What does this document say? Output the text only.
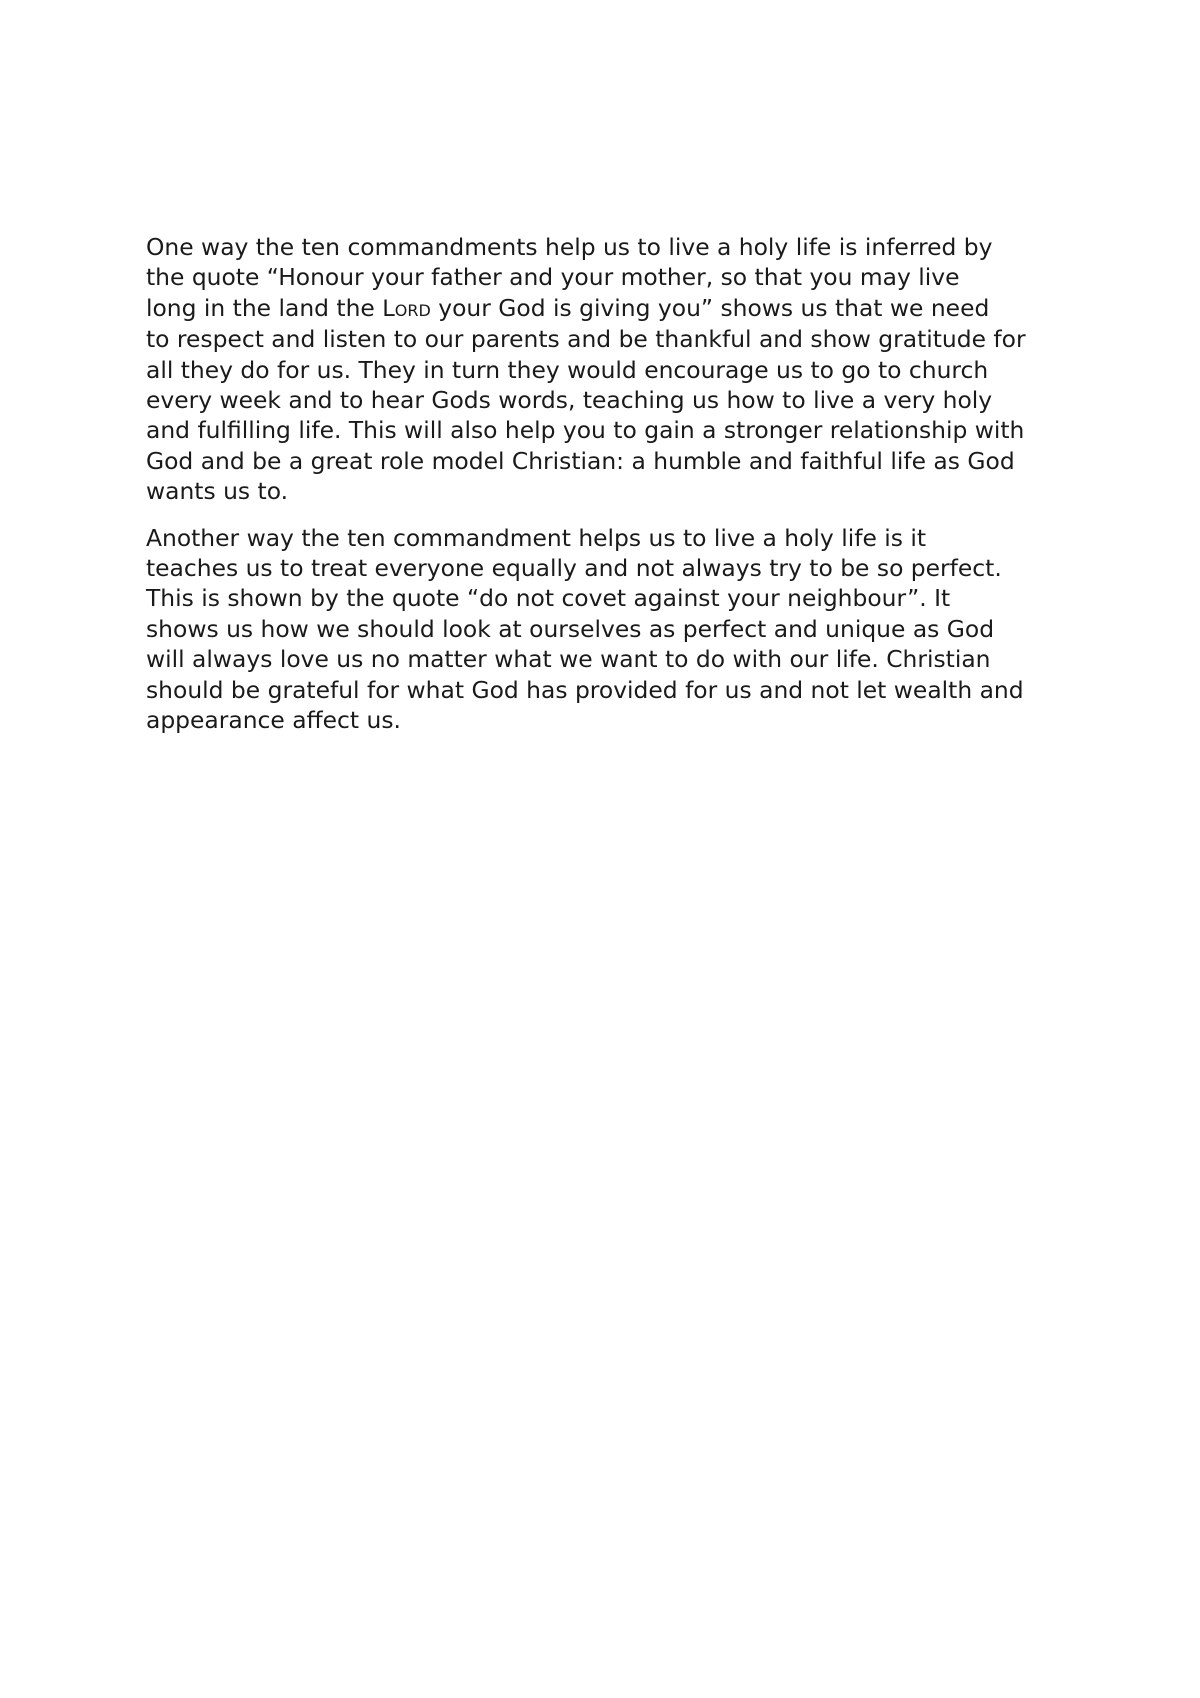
One way the ten commandments help us to live a holy life is inferred by
the quote “Honour your father and your mother, so that you may live
long in the land the Lord your God is giving you” shows us that we need
to respect and listen to our parents and be thankful and show gratitude for
all they do for us. They in turn they would encourage us to go to church
every week and to hear Gods words, teaching us how to live a very holy
and fulfilling life. This will also help you to gain a stronger relationship with
God and be a great role model Christian: a humble and faithful life as God
wants us to.

Another way the ten commandment helps us to live a holy life is it
teaches us to treat everyone equally and not always try to be so perfect.
This is shown by the quote “do not covet against your neighbour”. It
shows us how we should look at ourselves as perfect and unique as God
will always love us no matter what we want to do with our life. Christian
should be grateful for what God has provided for us and not let wealth and
appearance affect us.
